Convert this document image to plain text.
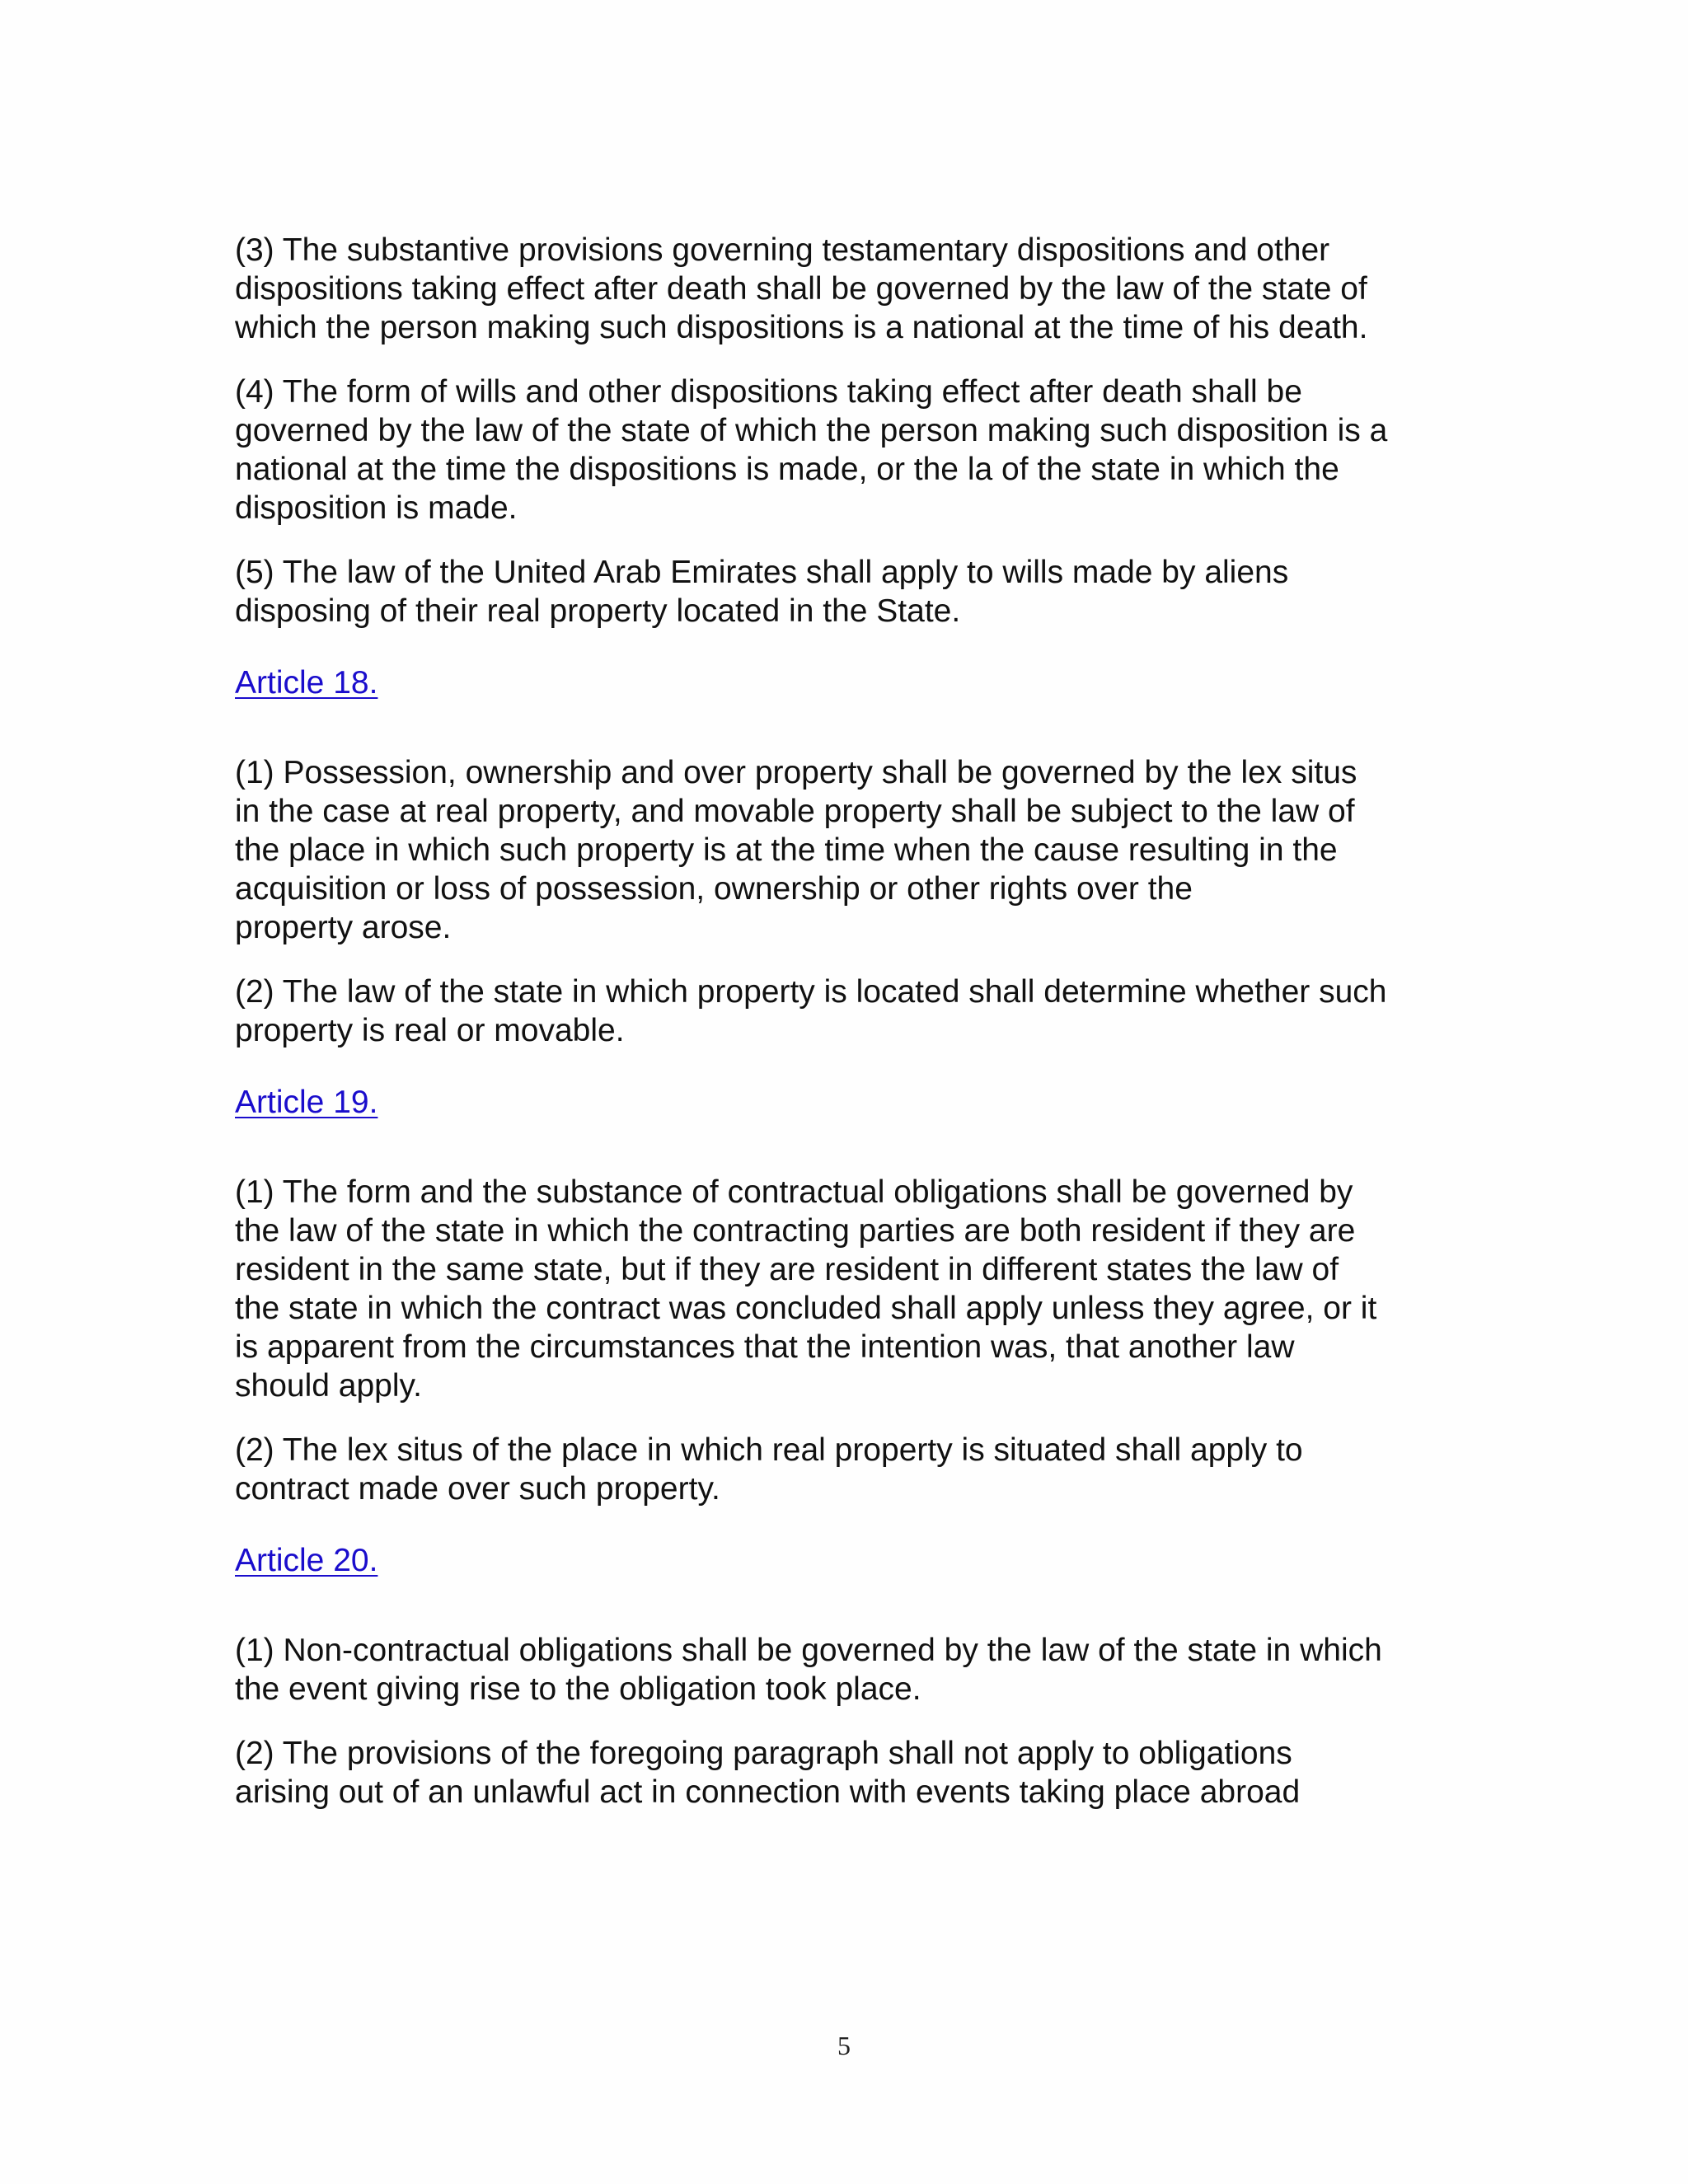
(3) The substantive provisions governing testamentary dispositions and other
dispositions taking effect after death shall be governed by the law of the state of
which the person making such dispositions is a national at the time of his death.

(4) The form of wills and other dispositions taking effect after death shall be
governed by the law of the state of which the person making such disposition is a
national at the time the dispositions is made, or the la of the state in which the
disposition is made.

(5) The law of the United Arab Emirates shall apply to wills made by aliens
disposing of their real property located in the State.

Article 18.

(1) Possession, ownership and over property shall be governed by the lex situs
in the case at real property, and movable property shall be subject to the law of
the place in which such property is at the time when the cause resulting in the
acquisition or loss of possession, ownership or other rights over the
property arose.

(2) The law of the state in which property is located shall determine whether such
property is real or movable.

Article 19.

(1) The form and the substance of contractual obligations shall be governed by
the law of the state in which the contracting parties are both resident if they are
resident in the same state, but if they are resident in different states the law of
the state in which the contract was concluded shall apply unless they agree, or it
is apparent from the circumstances that the intention was, that another law
should apply.

(2) The lex situs of the place in which real property is situated shall apply to
contract made over such property.

Article 20.

(1) Non-contractual obligations shall be governed by the law of the state in which
the event giving rise to the obligation took place.

(2) The provisions of the foregoing paragraph shall not apply to obligations
arising out of an unlawful act in connection with events taking place abroad

5
